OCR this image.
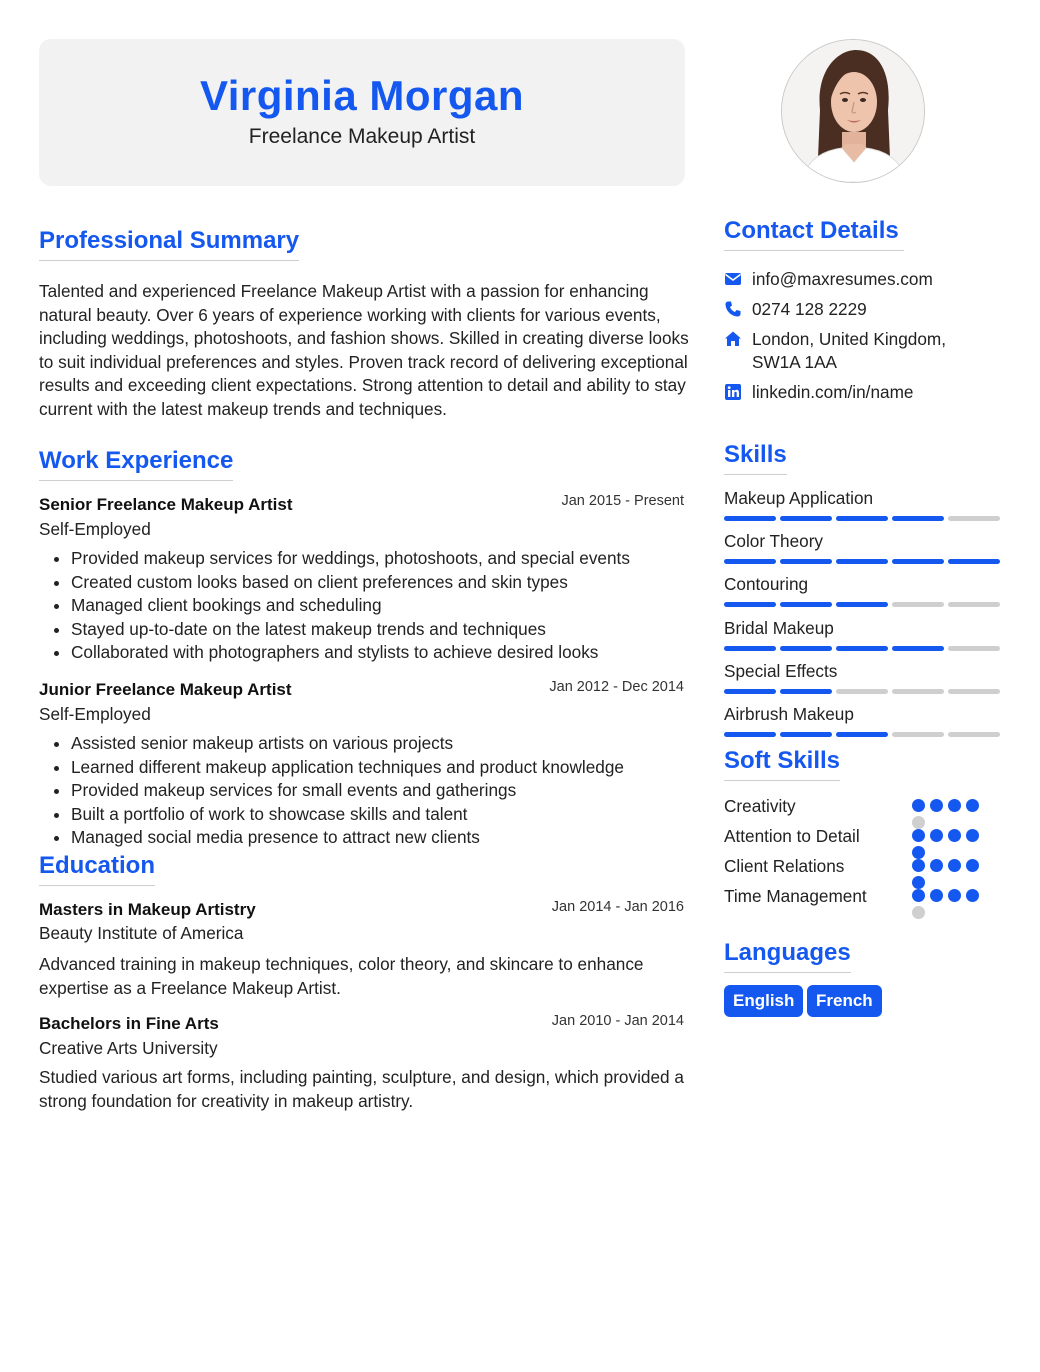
Virginia Morgan
Freelance Makeup Artist
Professional Summary
Talented and experienced Freelance Makeup Artist with a passion for enhancing natural beauty. Over 6 years of experience working with clients for various events, including weddings, photoshoots, and fashion shows. Skilled in creating diverse looks to suit individual preferences and styles. Proven track record of delivering exceptional results and exceeding client expectations. Strong attention to detail and ability to stay current with the latest makeup trends and techniques.
Work Experience
Senior Freelance Makeup Artist	Jan 2015 - Present
Self-Employed
• Provided makeup services for weddings, photoshoots, and special events
• Created custom looks based on client preferences and skin types
• Managed client bookings and scheduling
• Stayed up-to-date on the latest makeup trends and techniques
• Collaborated with photographers and stylists to achieve desired looks
Junior Freelance Makeup Artist	Jan 2012 - Dec 2014
Self-Employed
• Assisted senior makeup artists on various projects
• Learned different makeup application techniques and product knowledge
• Provided makeup services for small events and gatherings
• Built a portfolio of work to showcase skills and talent
• Managed social media presence to attract new clients
Education
Masters in Makeup Artistry	Jan 2014 - Jan 2016
Beauty Institute of America
Advanced training in makeup techniques, color theory, and skincare to enhance expertise as a Freelance Makeup Artist.
Bachelors in Fine Arts	Jan 2010 - Jan 2014
Creative Arts University
Studied various art forms, including painting, sculpture, and design, which provided a strong foundation for creativity in makeup artistry.
Contact Details
info@maxresumes.com
0274 128 2229
London, United Kingdom,
SW1A 1AA
linkedin.com/in/name
Skills
Makeup Application
Color Theory
Contouring
Bridal Makeup
Special Effects
Airbrush Makeup
Soft Skills
Creativity
Attention to Detail
Client Relations
Time Management
Languages
English	French
